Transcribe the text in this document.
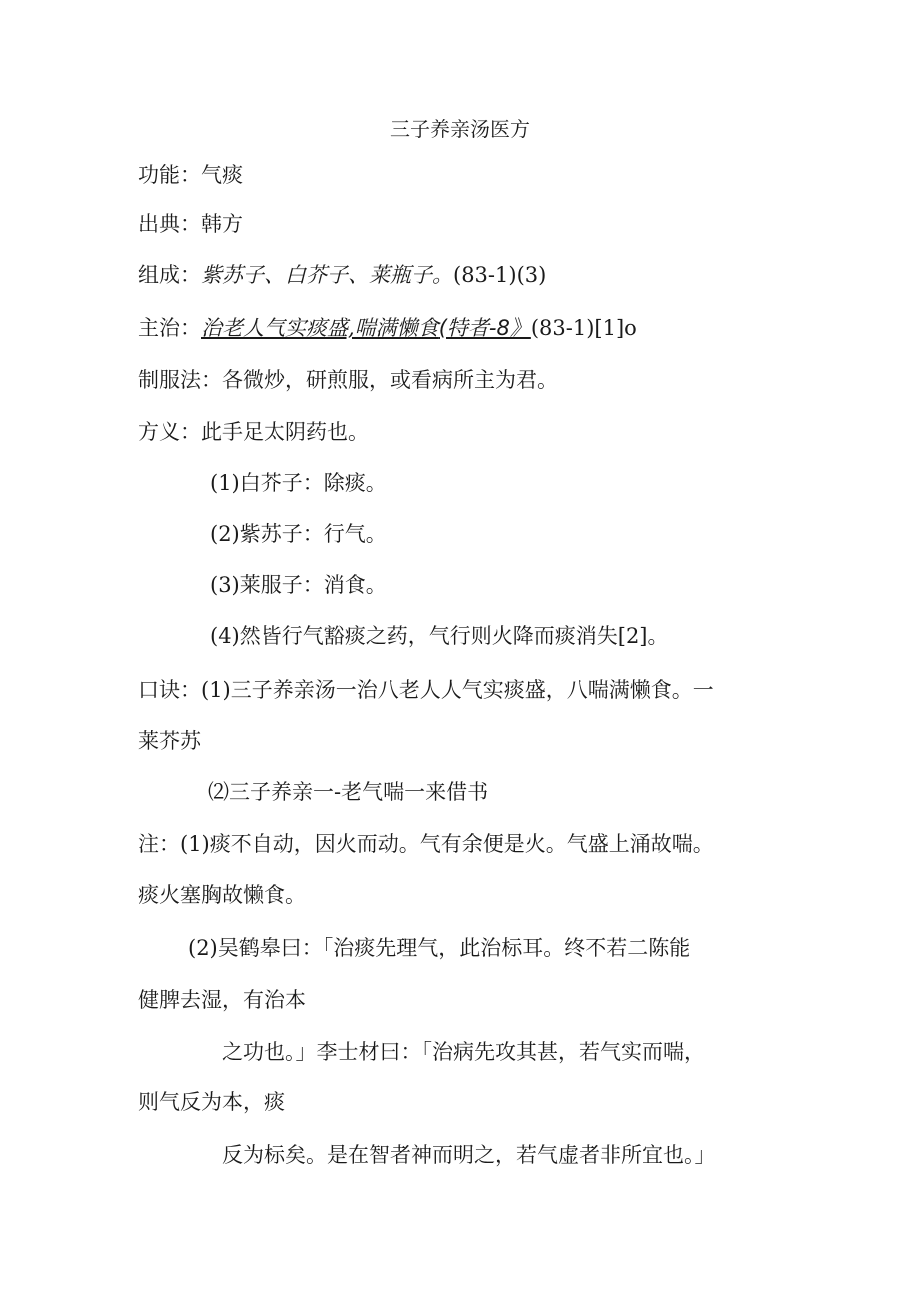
三子养亲汤医方
功能：气痰
出典：韩方
组成：紫苏子、白芥子、莱瓶子。(83-1)(3)
主治：治老人气实痰盛,喘满懒食(特者-8》(83-1)[1]o
制服法：各微炒，研煎服，或看病所主为君。
方义：此手足太阴药也。
(1)白芥子：除痰。
(2)紫苏子：行气。
(3)莱服子：消食。
(4)然皆行气豁痰之药，气行则火降而痰消失[2]。
口诀：(1)三子养亲汤一治八老人人气实痰盛，八喘满懒食。一
莱芥苏
⑵三子养亲一-老气喘一来借书
注：(1)痰不自动，因火而动。气有余便是火。气盛上涌故喘。
痰火塞胸故懒食。
(2)吴鹤皋曰：「治痰先理气，此治标耳。终不若二陈能
健脾去湿，有治本
之功也。」李士材曰：「治病先攻其甚，若气实而喘，
则气反为本，痰
反为标矣。是在智者神而明之，若气虚者非所宜也。」
